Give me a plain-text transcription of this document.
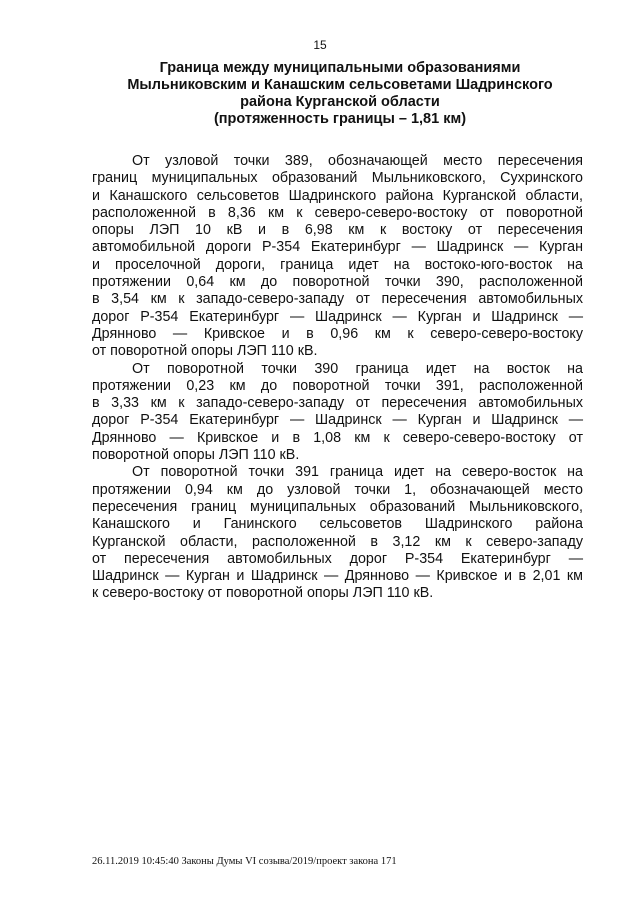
15
Граница между муниципальными образованиями
Мыльниковским и Канашским сельсоветами Шадринского
района Курганской области
(протяженность границы – 1,81 км)
От узловой точки 389, обозначающей место пересечения
границ муниципальных образований Мыльниковского, Сухринского
и Канашского сельсоветов Шадринского района Курганской области,
расположенной в 8,36 км к северо-северо-востоку от поворотной
опоры ЛЭП 10 кВ и в 6,98 км к востоку от пересечения
автомобильной дороги Р-354 Екатеринбург — Шадринск — Курган
и проселочной дороги, граница идет на востоко-юго-восток на
протяжении 0,64 км до поворотной точки 390, расположенной
в 3,54 км к западо-северо-западу от пересечения автомобильных
дорог Р-354 Екатеринбург — Шадринск — Курган и Шадринск —
Дрянново — Кривское и в 0,96 км к северо-северо-востоку
от поворотной опоры ЛЭП 110 кВ.
От поворотной точки 390 граница идет на восток на
протяжении 0,23 км до поворотной точки 391, расположенной
в 3,33 км к западо-северо-западу от пересечения автомобильных
дорог Р-354 Екатеринбург — Шадринск — Курган и Шадринск —
Дрянново — Кривское и в 1,08 км к северо-северо-востоку от
поворотной опоры ЛЭП 110 кВ.
От поворотной точки 391 граница идет на северо-восток на
протяжении 0,94 км до узловой точки 1, обозначающей место
пересечения границ муниципальных образований Мыльниковского,
Канашского и Ганинского сельсоветов Шадринского района
Курганской области, расположенной в 3,12 км к северо-западу
от пересечения автомобильных дорог Р-354 Екатеринбург —
Шадринск — Курган и Шадринск — Дрянново — Кривское и в 2,01 км
к северо-востоку от поворотной опоры ЛЭП 110 кВ.
26.11.2019 10:45:40 Законы Думы VI созыва/2019/проект закона 171
